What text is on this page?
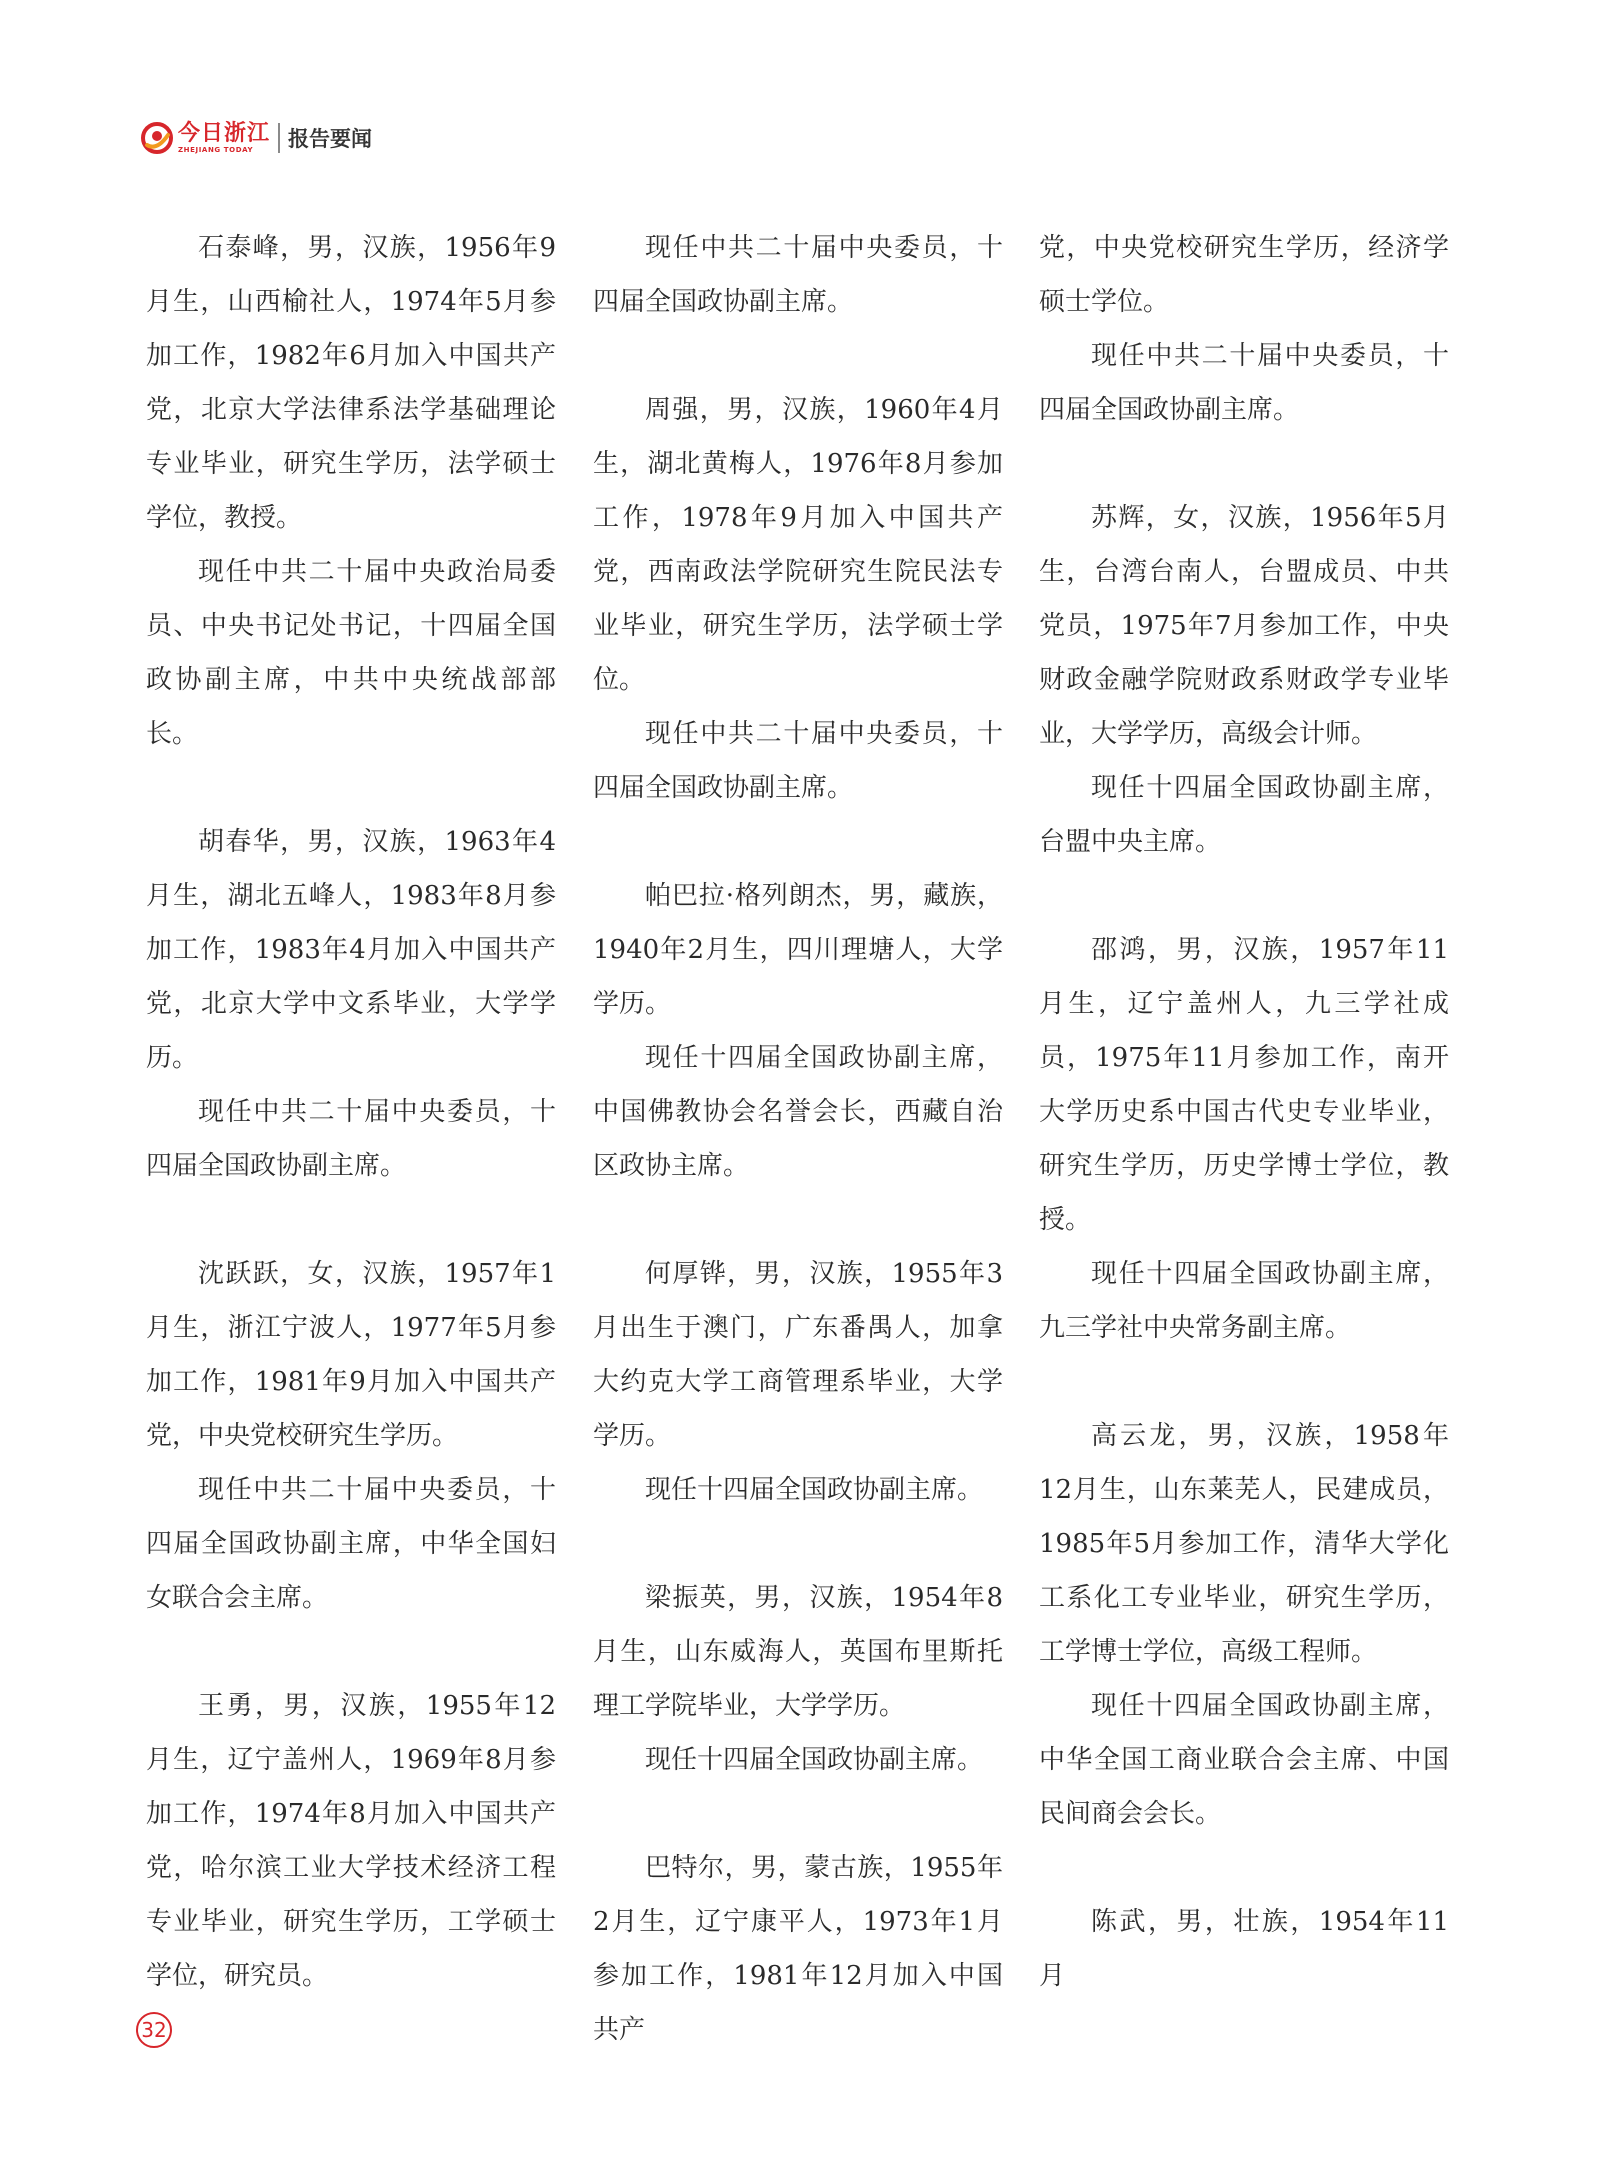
今日浙江
ZHEJIANG TODAY	报告要闻

石泰峰，男，汉族，1956年9月生，山西榆社人，1974年5月参加工作，1982年6月加入中国共产党，北京大学法律系法学基础理论专业毕业，研究生学历，法学硕士学位，教授。

现任中共二十届中央政治局委员、中央书记处书记，十四届全国政协副主席，中共中央统战部部长。

胡春华，男，汉族，1963年4月生，湖北五峰人，1983年8月参加工作，1983年4月加入中国共产党，北京大学中文系毕业，大学学历。

现任中共二十届中央委员，十四届全国政协副主席。

沈跃跃，女，汉族，1957年1月生，浙江宁波人，1977年5月参加工作，1981年9月加入中国共产党，中央党校研究生学历。

现任中共二十届中央委员，十四届全国政协副主席，中华全国妇女联合会主席。

王勇，男，汉族，1955年12月生，辽宁盖州人，1969年8月参加工作，1974年8月加入中国共产党，哈尔滨工业大学技术经济工程专业毕业，研究生学历，工学硕士学位，研究员。

现任中共二十届中央委员，十四届全国政协副主席。

周强，男，汉族，1960年4月生，湖北黄梅人，1976年8月参加工作，1978年9月加入中国共产党，西南政法学院研究生院民法专业毕业，研究生学历，法学硕士学位。

现任中共二十届中央委员，十四届全国政协副主席。

帕巴拉·格列朗杰，男，藏族，1940年2月生，四川理塘人，大学学历。

现任十四届全国政协副主席，中国佛教协会名誉会长，西藏自治区政协主席。

何厚铧，男，汉族，1955年3月出生于澳门，广东番禺人，加拿大约克大学工商管理系毕业，大学学历。

现任十四届全国政协副主席。

梁振英，男，汉族，1954年8月生，山东威海人，英国布里斯托理工学院毕业，大学学历。

现任十四届全国政协副主席。

巴特尔，男，蒙古族，1955年2月生，辽宁康平人，1973年1月参加工作，1981年12月加入中国共产

党，中央党校研究生学历，经济学硕士学位。

现任中共二十届中央委员，十四届全国政协副主席。

苏辉，女，汉族，1956年5月生，台湾台南人，台盟成员、中共党员，1975年7月参加工作，中央财政金融学院财政系财政学专业毕业，大学学历，高级会计师。

现任十四届全国政协副主席，台盟中央主席。

邵鸿，男，汉族，1957年11月生，辽宁盖州人，九三学社成员，1975年11月参加工作，南开大学历史系中国古代史专业毕业，研究生学历，历史学博士学位，教授。

现任十四届全国政协副主席，九三学社中央常务副主席。

高云龙，男，汉族，1958年12月生，山东莱芜人，民建成员，1985年5月参加工作，清华大学化工系化工专业毕业，研究生学历，工学博士学位，高级工程师。

现任十四届全国政协副主席，中华全国工商业联合会主席、中国民间商会会长。

陈武，男，壮族，1954年11月

32
